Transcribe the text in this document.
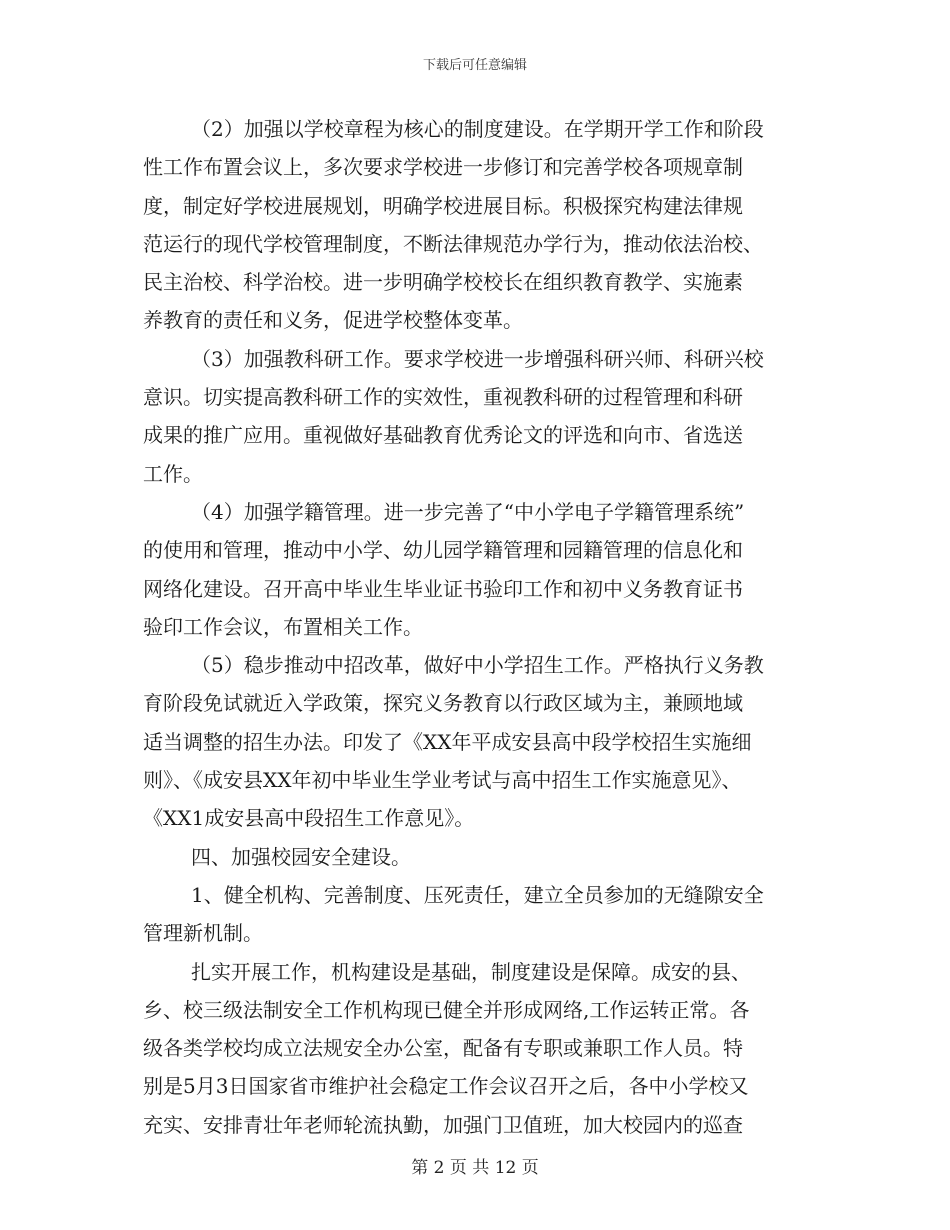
下载后可任意编辑
（2）加强以学校章程为核心的制度建设。在学期开学工作和阶段
性工作布置会议上，多次要求学校进一步修订和完善学校各项规章制
度，制定好学校进展规划，明确学校进展目标。积极探究构建法律规
范运行的现代学校管理制度，不断法律规范办学行为，推动依法治校、
民主治校、科学治校。进一步明确学校校长在组织教育教学、实施素
养教育的责任和义务，促进学校整体变革。
（3）加强教科研工作。要求学校进一步增强科研兴师、科研兴校
意识。切实提高教科研工作的实效性，重视教科研的过程管理和科研
成果的推广应用。重视做好基础教育优秀论文的评选和向市、省选送
工作。
（4）加强学籍管理。进一步完善了“中小学电子学籍管理系统”
的使用和管理，推动中小学、幼儿园学籍管理和园籍管理的信息化和
网络化建设。召开高中毕业生毕业证书验印工作和初中义务教育证书
验印工作会议，布置相关工作。
（5）稳步推动中招改革，做好中小学招生工作。严格执行义务教
育阶段免试就近入学政策，探究义务教育以行政区域为主，兼顾地域
适当调整的招生办法。印发了《XX年平成安县高中段学校招生实施细
则》、《成安县XX年初中毕业生学业考试与高中招生工作实施意见》、
《XX1成安县高中段招生工作意见》。
四、加强校园安全建设。
1、健全机构、完善制度、压死责任，建立全员参加的无缝隙安全
管理新机制。
扎实开展工作，机构建设是基础，制度建设是保障。成安的县、
乡、校三级法制安全工作机构现已健全并形成网络,工作运转正常。各
级各类学校均成立法规安全办公室，配备有专职或兼职工作人员。特
别是5月3日国家省市维护社会稳定工作会议召开之后，各中小学校又
充实、安排青壮年老师轮流执勤，加强门卫值班，加大校园内的巡查
第 2 页 共 12 页
